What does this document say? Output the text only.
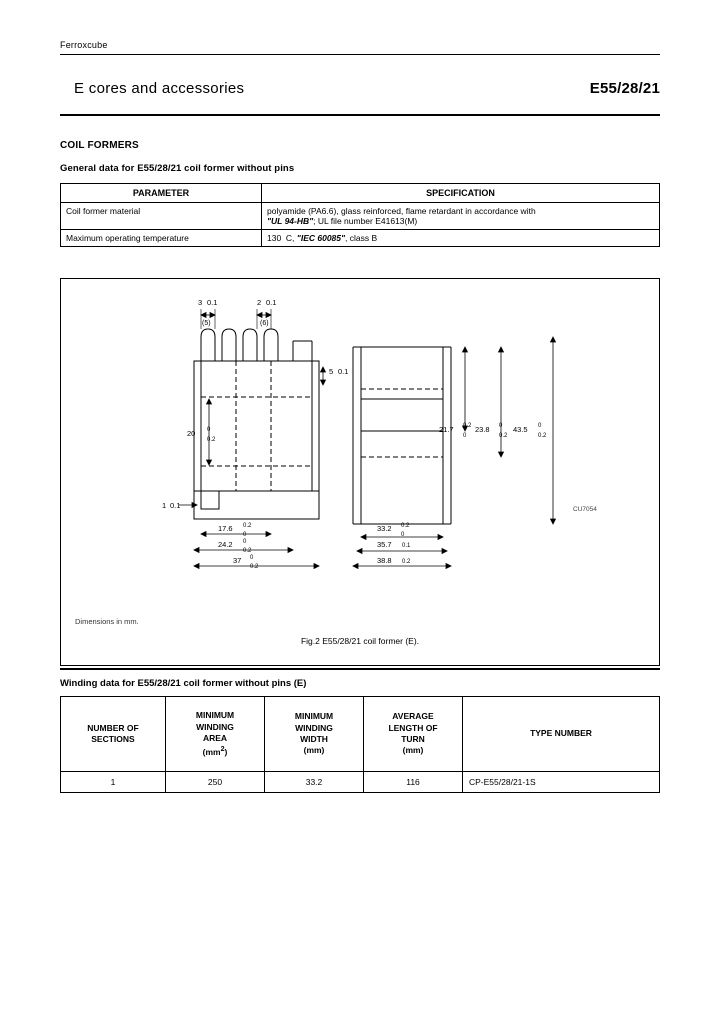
Ferroxcube
E cores and accessories	E55/28/21
COIL FORMERS
General data for E55/28/21 coil former without pins
PARAMETER	SPECIFICATION
Coil former material	polyamide (PA6.6), glass reinforced, flame retardant in accordance with
"UL 94-HB"; UL file number E41613(M)
Maximum operating temperature	130 C, "IEC 60085", class B
3 0.1
(5)
2 0.1
(6)
5 0.1
20 0
0.2
1 0.1
17.6 0.2
0
24.2 0
0.2
37 0
0.2
21.7 0.2
0
23.8 0
0.2
43.5 0
0.2
33.2 0.2
0
35.7 0.1
38.8 0.2
CU7054
Dimensions in mm.
Fig.2 E55/28/21 coil former (E).
Winding data for E55/28/21 coil former without pins (E)
NUMBER OF
SECTIONS	MINIMUM
WINDING
AREA
$(mm^2)$	MINIMUM
WINDING
WIDTH
(mm)	AVERAGE
LENGTH OF
TURN
(mm)	TYPE NUMBER
1	250	33.2	116	CP-E55/28/21-1S
